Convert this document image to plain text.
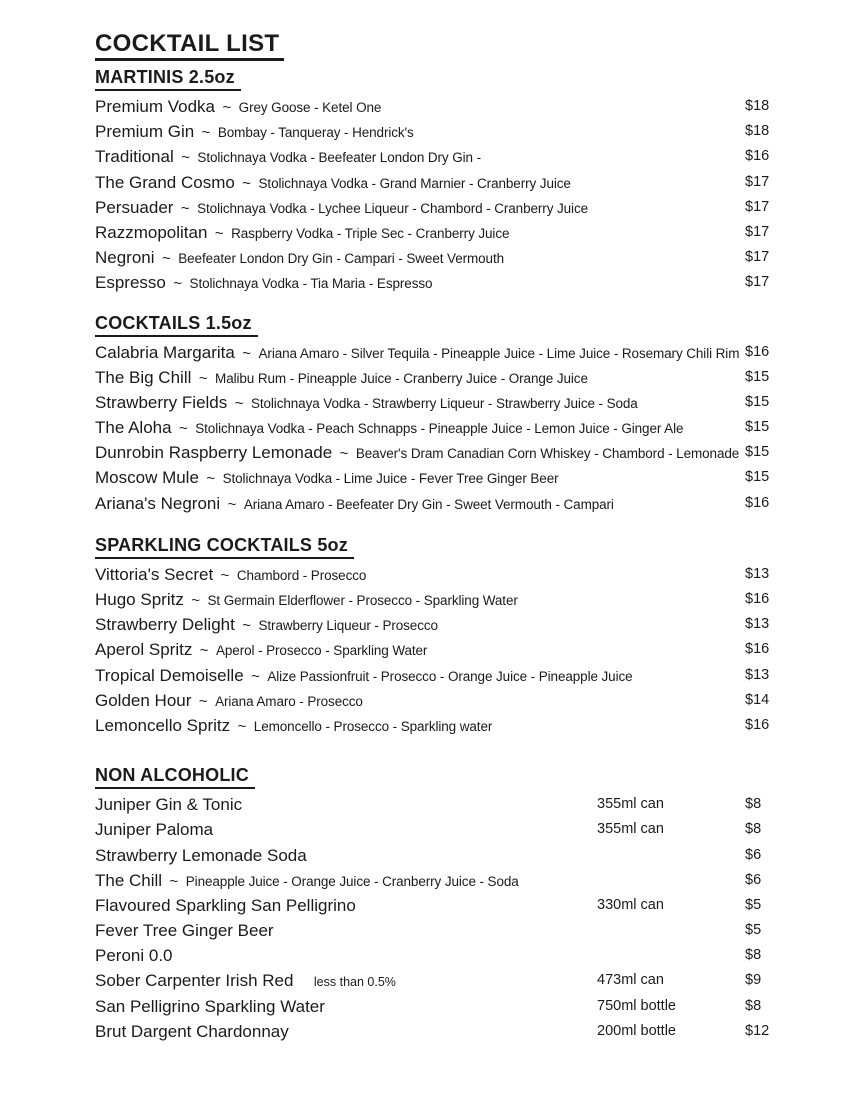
COCKTAIL LIST
MARTINIS 2.5oz
Premium Vodka ~ Grey Goose - Ketel One	$18
Premium Gin ~ Bombay - Tanqueray - Hendrick's	$18
Traditional ~ Stolichnaya Vodka - Beefeater London Dry Gin -	$16
The Grand Cosmo ~ Stolichnaya Vodka - Grand Marnier - Cranberry Juice	$17
Persuader ~ Stolichnaya Vodka - Lychee Liqueur - Chambord - Cranberry Juice	$17
Razzmopolitan ~ Raspberry Vodka - Triple Sec - Cranberry Juice	$17
Negroni ~ Beefeater London Dry Gin - Campari - Sweet Vermouth	$17
Espresso ~ Stolichnaya Vodka - Tia Maria - Espresso	$17
COCKTAILS 1.5oz
Calabria Margarita ~ Ariana Amaro - Silver Tequila - Pineapple Juice - Lime Juice - Rosemary Chili Rim $16
The Big Chill ~ Malibu Rum - Pineapple Juice - Cranberry Juice - Orange Juice	$15
Strawberry Fields ~ Stolichnaya Vodka - Strawberry Liqueur - Strawberry Juice - Soda	$15
The Aloha ~ Stolichnaya Vodka - Peach Schnapps - Pineapple Juice - Lemon Juice - Ginger Ale	$15
Dunrobin Raspberry Lemonade ~ Beaver's Dram Canadian Corn Whiskey - Chambord - Lemonade $15
Moscow Mule ~ Stolichnaya Vodka - Lime Juice - Fever Tree Ginger Beer	$15
Ariana's Negroni ~ Ariana Amaro - Beefeater Dry Gin - Sweet Vermouth - Campari	$16
SPARKLING COCKTAILS 5oz
Vittoria's Secret ~ Chambord - Prosecco	$13
Hugo Spritz ~ St Germain Elderflower - Prosecco - Sparkling Water	$16
Strawberry Delight ~ Strawberry Liqueur - Prosecco	$13
Aperol Spritz ~ Aperol - Prosecco - Sparkling Water	$16
Tropical Demoiselle ~ Alize Passionfruit - Prosecco - Orange Juice - Pineapple Juice	$13
Golden Hour ~ Ariana Amaro - Prosecco	$14
Lemoncello Spritz ~ Lemoncello - Prosecco - Sparkling water	$16
NON ALCOHOLIC
Juniper Gin & Tonic	355ml can	$8
Juniper Paloma	355ml can	$8
Strawberry Lemonade Soda	$6
The Chill ~ Pineapple Juice - Orange Juice - Cranberry Juice - Soda	$6
Flavoured Sparkling San Pelligrino	330ml can	$5
Fever Tree Ginger Beer	$5
Peroni 0.0	$8
Sober Carpenter Irish Red less than 0.5%	473ml can	$9
San Pelligrino Sparkling Water	750ml bottle	$8
Brut Dargent Chardonnay	200ml bottle	$12
